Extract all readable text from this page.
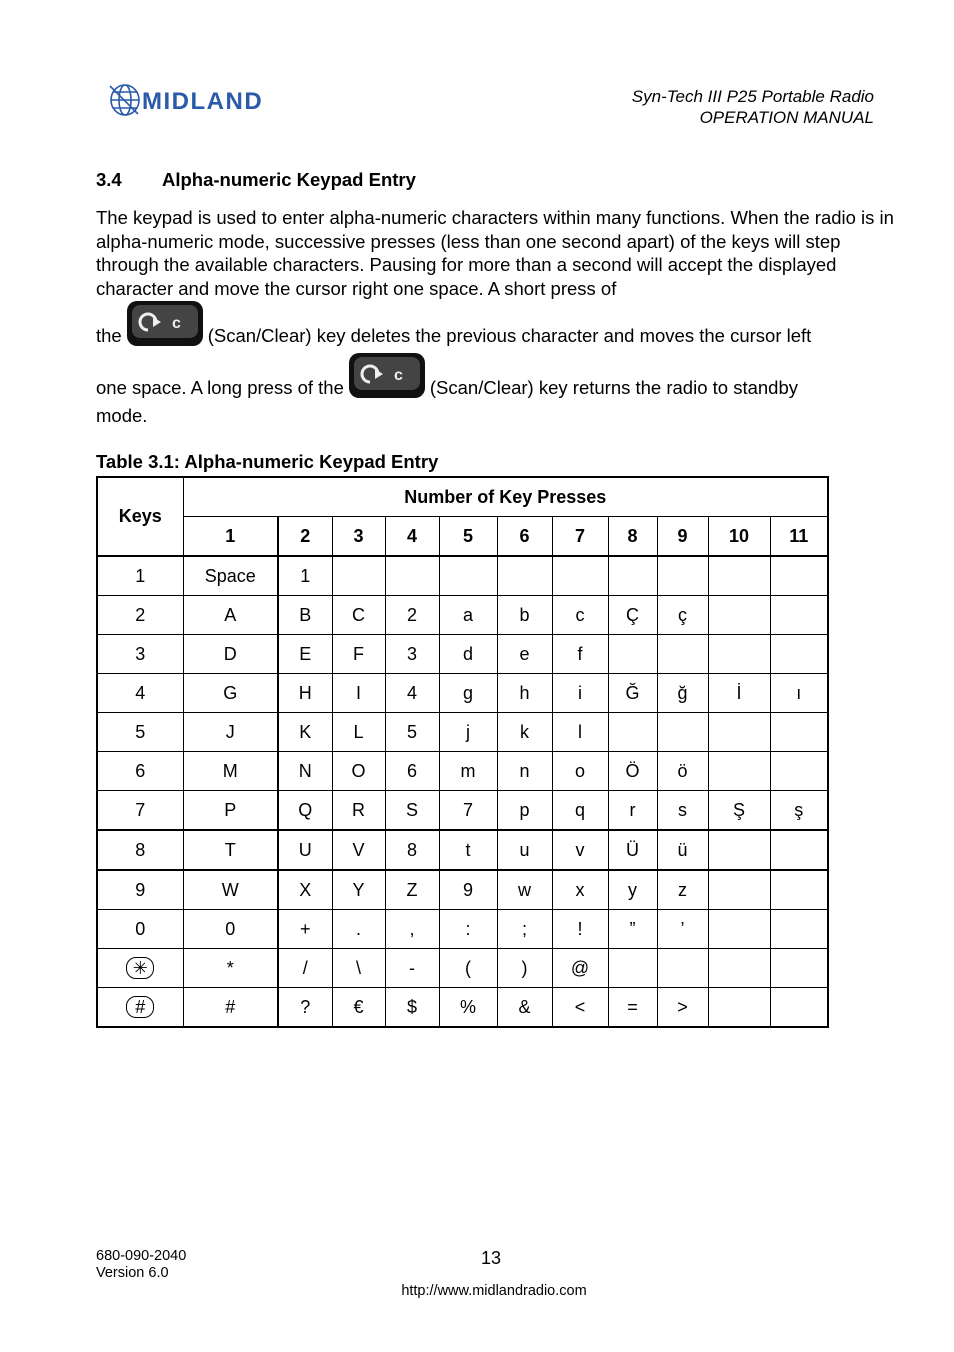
MIDLAND	Syn-Tech III P25 Portable Radio
OPERATION MANUAL
3.4 Alpha-numeric Keypad Entry
The keypad is used to enter alpha-numeric characters within many functions. When the radio is in alpha-numeric mode, successive presses (less than one second apart) of the keys will step through the available characters. Pausing for more than a second will accept the displayed character and move the cursor right one space. A short press of
the
c
(Scan/Clear) key deletes the previous character and moves the cursor left
one space. A long press of the
c
(Scan/Clear) key returns the radio to standby
mode.
Table 3.1: Alpha-numeric Keypad Entry
Keys	Number of Key Presses										
	1	2	3	4	5	6	7	8	9	10	11
1	Space	1									
2	A	B	C	2	a	b	c	Ç	ç		
3	D	E	F	3	d	e	f				
4	G	H	I	4	g	h	i	Ğ	ğ	İ	ı
5	J	K	L	5	j	k	l				
6	M	N	O	6	m	n	o	Ö	ö		
7	P	Q	R	S	7	p	q	r	s	Ş	ş
8	T	U	V	8	t	u	v	Ü	ü		
9	W	X	Y	Z	9	w	x	y	z		
0	0	+	.	,	:	;	!	”	’		
✳	*	/	\	-	(	)	@				
#	#	?	€	$	%	&	<	=	>		
680-090-2040
Version 6.0
13
http://www.midlandradio.com
